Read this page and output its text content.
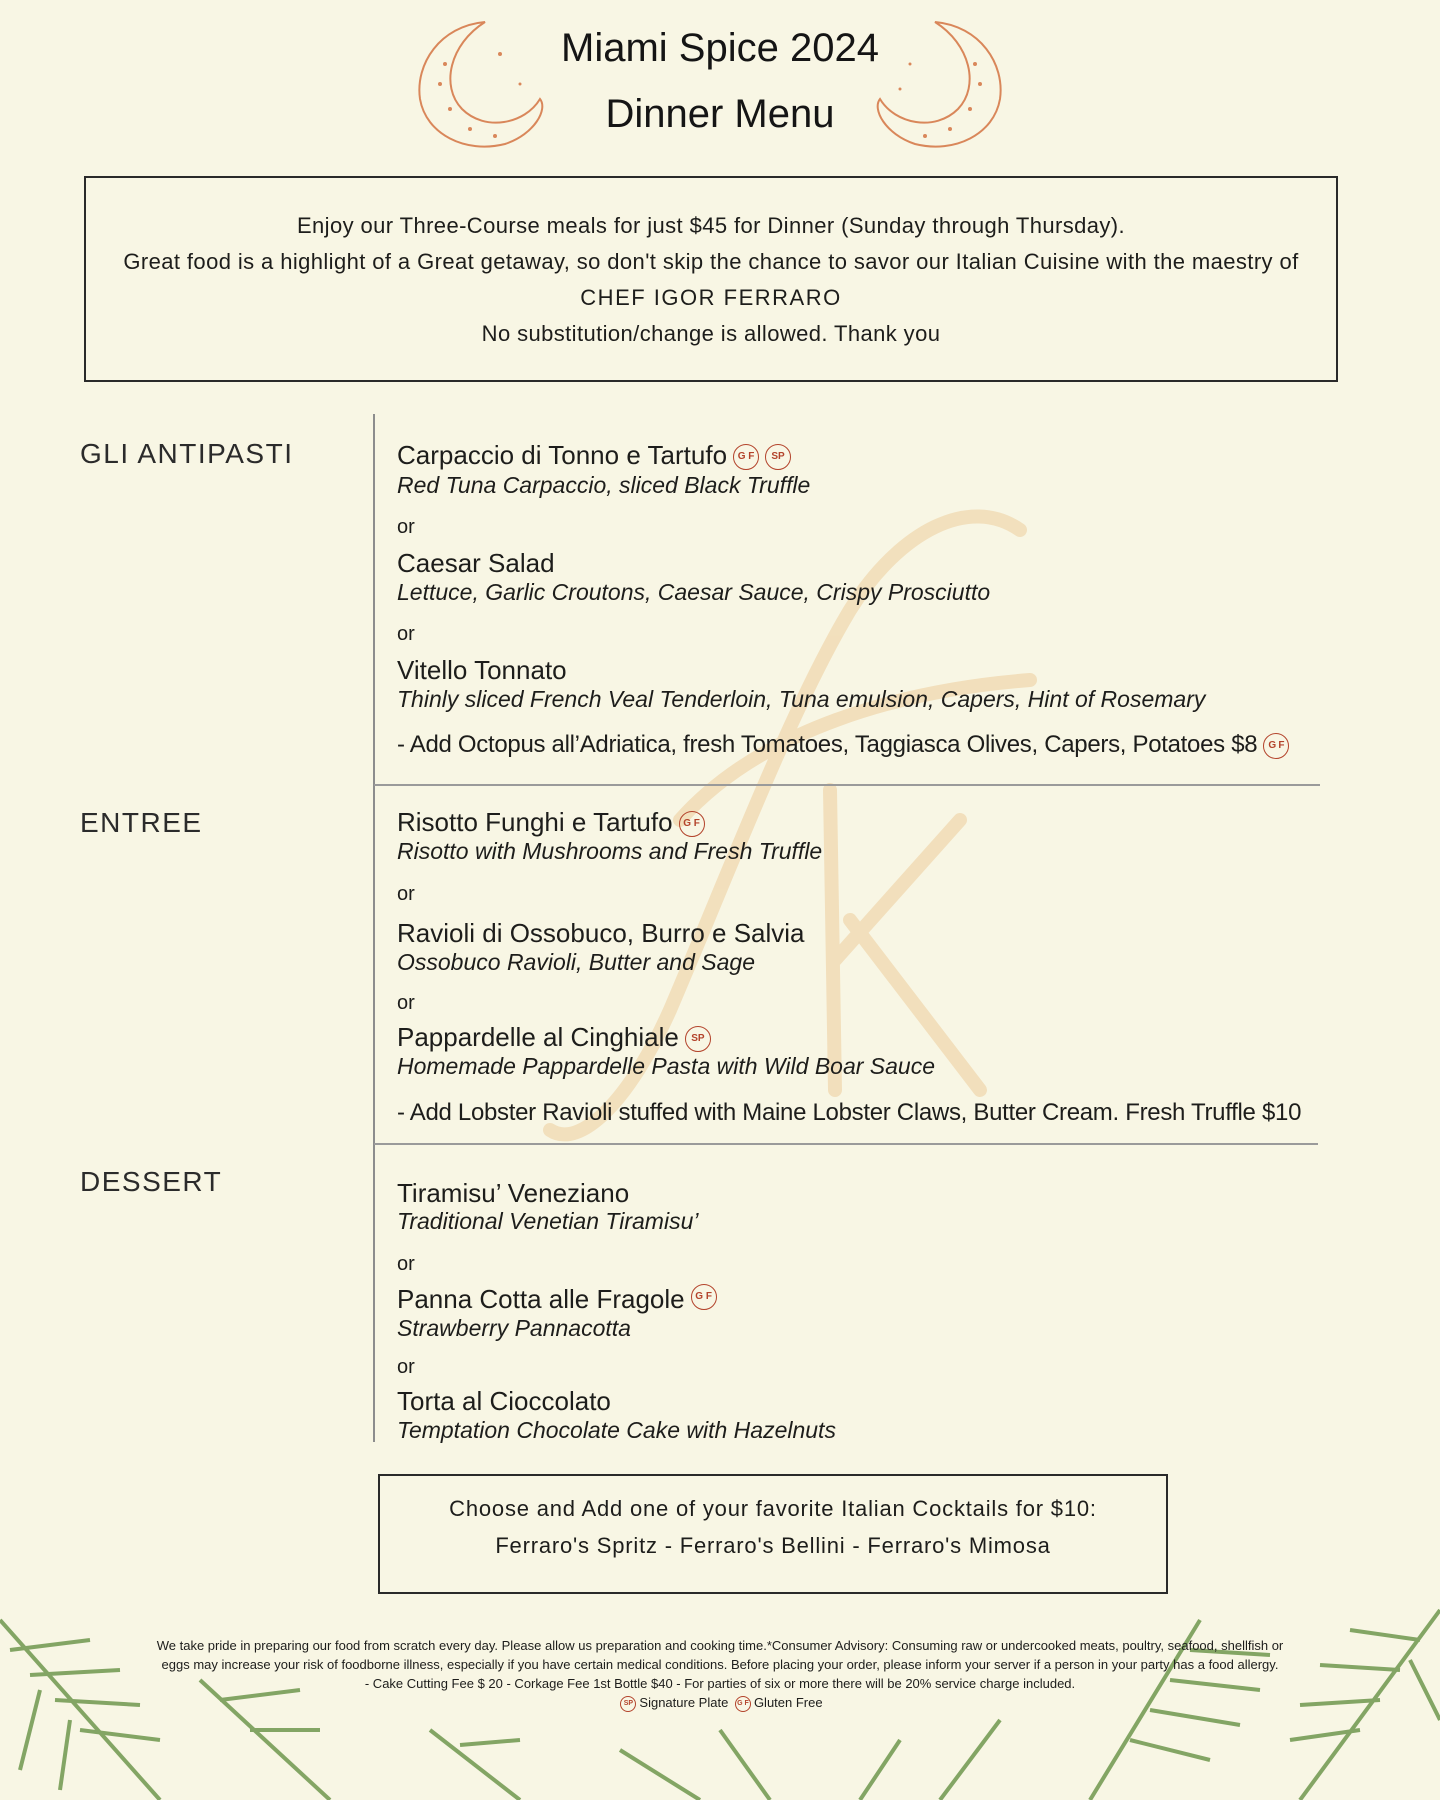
Miami Spice 2024
Dinner Menu
Enjoy our Three-Course meals for just $45 for Dinner (Sunday through Thursday).
Great food is a highlight of a Great getaway, so don't skip the chance to savor our Italian Cuisine with the maestry of
CHEF IGOR FERRARO
No substitution/change is allowed. Thank you
GLI ANTIPASTI	Carpaccio di Tonno e Tartufo G F SP
Red Tuna Carpaccio, sliced Black Truffle
or
Caesar Salad
Lettuce, Garlic Croutons, Caesar Sauce, Crispy Prosciutto
or
Vitello Tonnato
Thinly sliced French Veal Tenderloin, Tuna emulsion, Capers, Hint of Rosemary
- Add Octopus all’Adriatica, fresh Tomatoes, Taggiasca Olives, Capers, Potatoes $8 G F
ENTREE	Risotto Funghi e Tartufo G F
Risotto with Mushrooms and Fresh Truffle
or
Ravioli di Ossobuco, Burro e Salvia
Ossobuco Ravioli, Butter and Sage
or
Pappardelle al Cinghiale SP
Homemade Pappardelle Pasta with Wild Boar Sauce
- Add Lobster Ravioli stuffed with Maine Lobster Claws, Butter Cream. Fresh Truffle $10
DESSERT	Tiramisu’ Veneziano
Traditional Venetian Tiramisu’
or
Panna Cotta alle Fragole G F
Strawberry Pannacotta
or
Torta al Cioccolato
Temptation Chocolate Cake with Hazelnuts
Choose and Add one of your favorite Italian Cocktails for $10:
Ferraro's Spritz - Ferraro's Bellini - Ferraro's Mimosa
We take pride in preparing our food from scratch every day. Please allow us preparation and cooking time.*Consumer Advisory: Consuming raw or undercooked meats, poultry, seafood, shellfish or
eggs may increase your risk of foodborne illness, especially if you have certain medical conditions. Before placing your order, please inform your server if a person in your party has a food allergy.
- Cake Cutting Fee $ 20 - Corkage Fee 1st Bottle $40 - For parties of six or more there will be 20% service charge included.
SP Signature Plate G F Gluten Free
